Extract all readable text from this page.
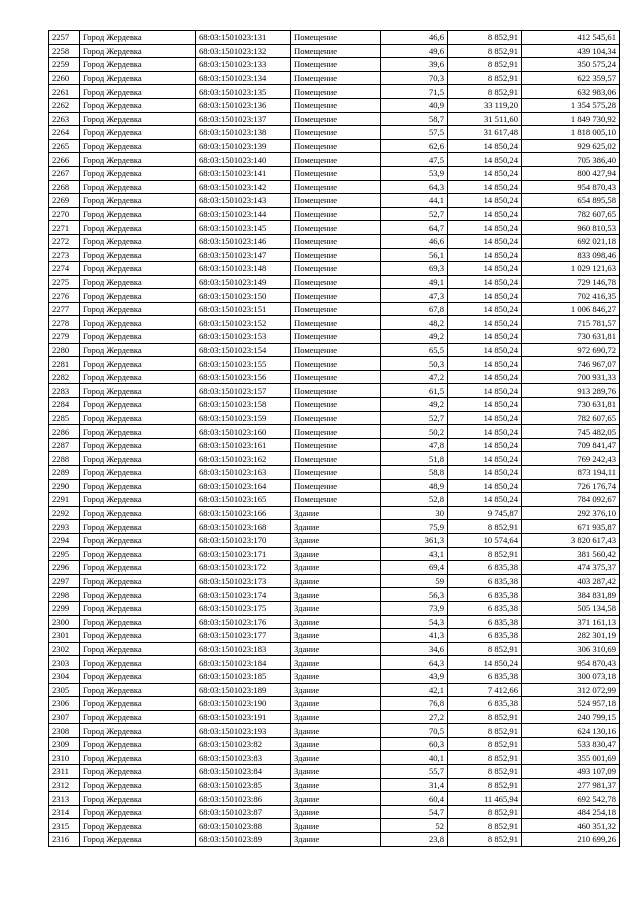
2257	Город Жердевка	68:03:1501023:131	Помещение	46,6	8 852,91	412 545,61
2258	Город Жердевка	68:03:1501023:132	Помещение	49,6	8 852,91	439 104,34
2259	Город Жердевка	68:03:1501023:133	Помещение	39,6	8 852,91	350 575,24
2260	Город Жердевка	68:03:1501023:134	Помещение	70,3	8 852,91	622 359,57
2261	Город Жердевка	68:03:1501023:135	Помещение	71,5	8 852,91	632 983,06
2262	Город Жердевка	68:03:1501023:136	Помещение	40,9	33 119,20	1 354 575,28
2263	Город Жердевка	68:03:1501023:137	Помещение	58,7	31 511,60	1 849 730,92
2264	Город Жердевка	68:03:1501023:138	Помещение	57,5	31 617,48	1 818 005,10
2265	Город Жердевка	68:03:1501023:139	Помещение	62,6	14 850,24	929 625,02
2266	Город Жердевка	68:03:1501023:140	Помещение	47,5	14 850,24	705 386,40
2267	Город Жердевка	68:03:1501023:141	Помещение	53,9	14 850,24	800 427,94
2268	Город Жердевка	68:03:1501023:142	Помещение	64,3	14 850,24	954 870,43
2269	Город Жердевка	68:03:1501023:143	Помещение	44,1	14 850,24	654 895,58
2270	Город Жердевка	68:03:1501023:144	Помещение	52,7	14 850,24	782 607,65
2271	Город Жердевка	68:03:1501023:145	Помещение	64,7	14 850,24	960 810,53
2272	Город Жердевка	68:03:1501023:146	Помещение	46,6	14 850,24	692 021,18
2273	Город Жердевка	68:03:1501023:147	Помещение	56,1	14 850,24	833 098,46
2274	Город Жердевка	68:03:1501023:148	Помещение	69,3	14 850,24	1 029 121,63
2275	Город Жердевка	68:03:1501023:149	Помещение	49,1	14 850,24	729 146,78
2276	Город Жердевка	68:03:1501023:150	Помещение	47,3	14 850,24	702 416,35
2277	Город Жердевка	68:03:1501023:151	Помещение	67,8	14 850,24	1 006 846,27
2278	Город Жердевка	68:03:1501023:152	Помещение	48,2	14 850,24	715 781,57
2279	Город Жердевка	68:03:1501023:153	Помещение	49,2	14 850,24	730 631,81
2280	Город Жердевка	68:03:1501023:154	Помещение	65,5	14 850,24	972 690,72
2281	Город Жердевка	68:03:1501023:155	Помещение	50,3	14 850,24	746 967,07
2282	Город Жердевка	68:03:1501023:156	Помещение	47,2	14 850,24	700 931,33
2283	Город Жердевка	68:03:1501023:157	Помещение	61,5	14 850,24	913 289,76
2284	Город Жердевка	68:03:1501023:158	Помещение	49,2	14 850,24	730 631,81
2285	Город Жердевка	68:03:1501023:159	Помещение	52,7	14 850,24	782 607,65
2286	Город Жердевка	68:03:1501023:160	Помещение	50,2	14 850,24	745 482,05
2287	Город Жердевка	68:03:1501023:161	Помещение	47,8	14 850,24	709 841,47
2288	Город Жердевка	68:03:1501023:162	Помещение	51,8	14 850,24	769 242,43
2289	Город Жердевка	68:03:1501023:163	Помещение	58,8	14 850,24	873 194,11
2290	Город Жердевка	68:03:1501023:164	Помещение	48,9	14 850,24	726 176,74
2291	Город Жердевка	68:03:1501023:165	Помещение	52,8	14 850,24	784 092,67
2292	Город Жердевка	68:03:1501023:166	Здание	30	9 745,87	292 376,10
2293	Город Жердевка	68:03:1501023:168	Здание	75,9	8 852,91	671 935,87
2294	Город Жердевка	68:03:1501023:170	Здание	361,3	10 574,64	3 820 617,43
2295	Город Жердевка	68:03:1501023:171	Здание	43,1	8 852,91	381 560,42
2296	Город Жердевка	68:03:1501023:172	Здание	69,4	6 835,38	474 375,37
2297	Город Жердевка	68:03:1501023:173	Здание	59	6 835,38	403 287,42
2298	Город Жердевка	68:03:1501023:174	Здание	56,3	6 835,38	384 831,89
2299	Город Жердевка	68:03:1501023:175	Здание	73,9	6 835,38	505 134,58
2300	Город Жердевка	68:03:1501023:176	Здание	54,3	6 835,38	371 161,13
2301	Город Жердевка	68:03:1501023:177	Здание	41,3	6 835,38	282 301,19
2302	Город Жердевка	68:03:1501023:183	Здание	34,6	8 852,91	306 310,69
2303	Город Жердевка	68:03:1501023:184	Здание	64,3	14 850,24	954 870,43
2304	Город Жердевка	68:03:1501023:185	Здание	43,9	6 835,38	300 073,18
2305	Город Жердевка	68:03:1501023:189	Здание	42,1	7 412,66	312 072,99
2306	Город Жердевка	68:03:1501023:190	Здание	76,8	6 835,38	524 957,18
2307	Город Жердевка	68:03:1501023:191	Здание	27,2	8 852,91	240 799,15
2308	Город Жердевка	68:03:1501023:193	Здание	70,5	8 852,91	624 130,16
2309	Город Жердевка	68:03:1501023:82	Здание	60,3	8 852,91	533 830,47
2310	Город Жердевка	68:03:1501023:83	Здание	40,1	8 852,91	355 001,69
2311	Город Жердевка	68:03:1501023:84	Здание	55,7	8 852,91	493 107,09
2312	Город Жердевка	68:03:1501023:85	Здание	31,4	8 852,91	277 981,37
2313	Город Жердевка	68:03:1501023:86	Здание	60,4	11 465,94	692 542,78
2314	Город Жердевка	68:03:1501023:87	Здание	54,7	8 852,91	484 254,18
2315	Город Жердевка	68:03:1501023:88	Здание	52	8 852,91	460 351,32
2316	Город Жердевка	68:03:1501023:89	Здание	23,8	8 852,91	210 699,26
